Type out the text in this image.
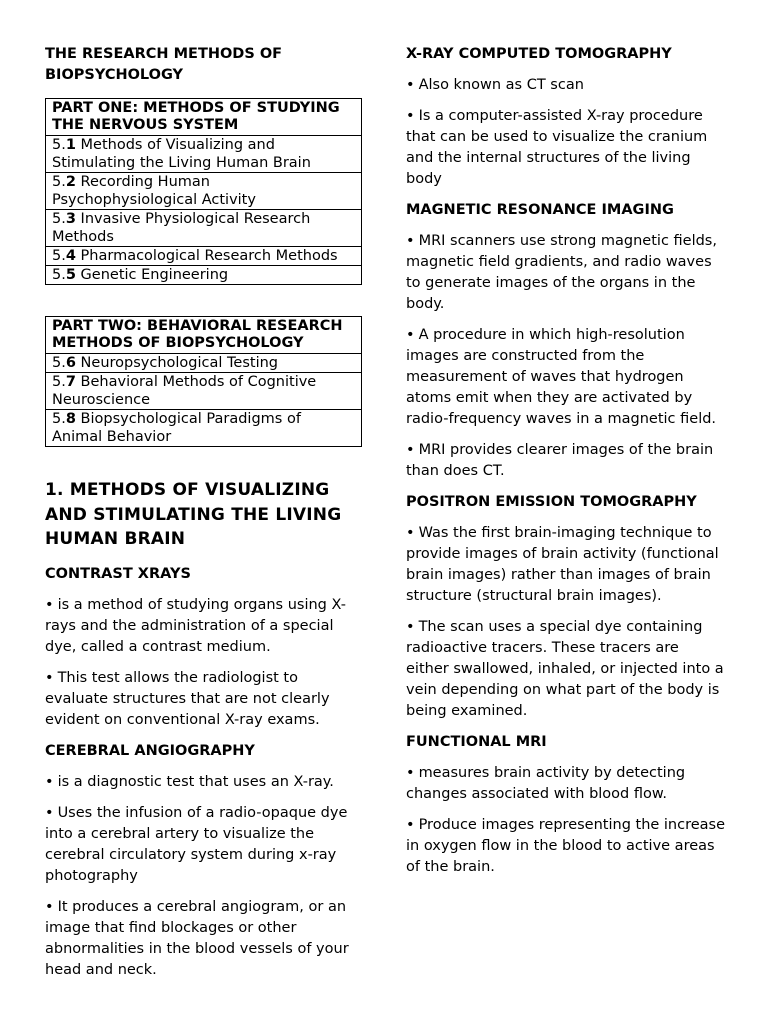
THE RESEARCH METHODS OF
BIOPSYCHOLOGY
PART ONE: METHODS OF STUDYING THE NERVOUS SYSTEM
5.1 Methods of Visualizing and Stimulating the Living Human Brain
5.2 Recording Human Psychophysiological Activity
5.3 Invasive Physiological Research Methods
5.4 Pharmacological Research Methods
5.5 Genetic Engineering
PART TWO: BEHAVIORAL RESEARCH METHODS OF BIOPSYCHOLOGY
5.6 Neuropsychological Testing
5.7 Behavioral Methods of Cognitive Neuroscience
5.8 Biopsychological Paradigms of Animal Behavior
1. METHODS OF VISUALIZING AND STIMULATING THE LIVING HUMAN BRAIN
CONTRAST XRAYS
• is a method of studying organs using X-rays and the administration of a special dye, called a contrast medium.
• This test allows the radiologist to evaluate structures that are not clearly evident on conventional X-ray exams.
CEREBRAL ANGIOGRAPHY
• is a diagnostic test that uses an X-ray.
• Uses the infusion of a radio-opaque dye into a cerebral artery to visualize the cerebral circulatory system during x-ray photography
• It produces a cerebral angiogram, or an image that find blockages or other abnormalities in the blood vessels of your head and neck.
X-RAY COMPUTED TOMOGRAPHY
• Also known as CT scan
• Is a computer-assisted X-ray procedure that can be used to visualize the cranium and the internal structures of the living body
MAGNETIC RESONANCE IMAGING
• MRI scanners use strong magnetic fields, magnetic field gradients, and radio waves to generate images of the organs in the body.
• A procedure in which high-resolution images are constructed from the measurement of waves that hydrogen atoms emit when they are activated by radio-frequency waves in a magnetic field.
• MRI provides clearer images of the brain than does CT.
POSITRON EMISSION TOMOGRAPHY
• Was the first brain-imaging technique to provide images of brain activity (functional brain images) rather than images of brain structure (structural brain images).
• The scan uses a special dye containing radioactive tracers. These tracers are either swallowed, inhaled, or injected into a vein depending on what part of the body is being examined.
FUNCTIONAL MRI
• measures brain activity by detecting changes associated with blood flow.
• Produce images representing the increase in oxygen flow in the blood to active areas of the brain.
